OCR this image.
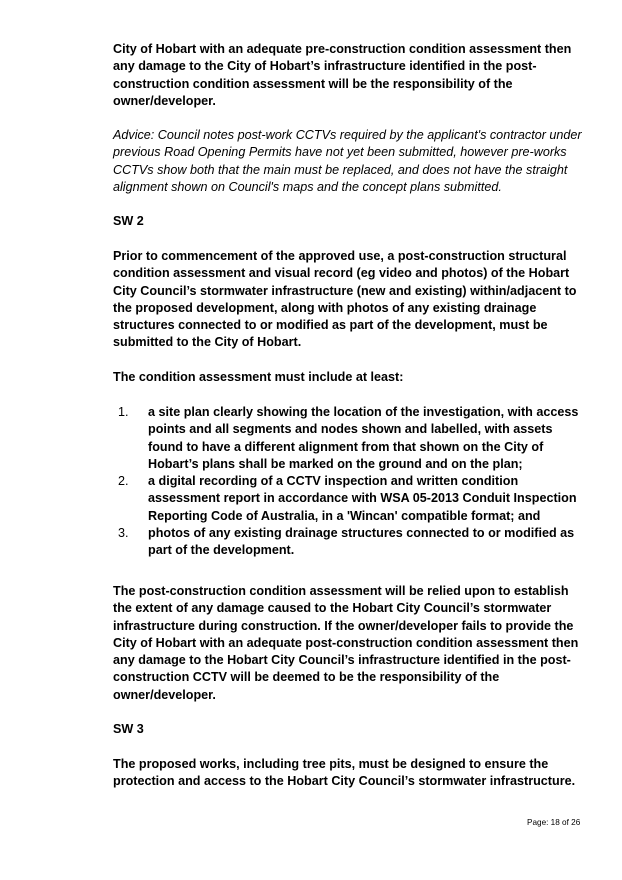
City of Hobart with an adequate pre-construction condition assessment then
any damage to the City of Hobart’s infrastructure identified in the post-
construction condition assessment will be the responsibility of the
owner/developer.
Advice: Council notes post-work CCTVs required by the applicant's contractor under
previous Road Opening Permits have not yet been submitted, however pre-works
CCTVs show both that the main must be replaced, and does not have the straight
alignment shown on Council's maps and the concept plans submitted.
SW 2
Prior to commencement of the approved use, a post-construction structural
condition assessment and visual record (eg video and photos) of the Hobart
City Council’s stormwater infrastructure (new and existing) within/adjacent to
the proposed development, along with photos of any existing drainage
structures connected to or modified as part of the development, must be
submitted to the City of Hobart.
The condition assessment must include at least:
1. a site plan clearly showing the location of the investigation, with access
points and all segments and nodes shown and labelled, with assets
found to have a different alignment from that shown on the City of
Hobart’s plans shall be marked on the ground and on the plan;
2. a digital recording of a CCTV inspection and written condition
assessment report in accordance with WSA 05-2013 Conduit Inspection
Reporting Code of Australia, in a 'Wincan' compatible format; and
3. photos of any existing drainage structures connected to or modified as
part of the development.
The post-construction condition assessment will be relied upon to establish
the extent of any damage caused to the Hobart City Council’s stormwater
infrastructure during construction. If the owner/developer fails to provide the
City of Hobart with an adequate post-construction condition assessment then
any damage to the Hobart City Council’s infrastructure identified in the post-
construction CCTV will be deemed to be the responsibility of the
owner/developer.
SW 3
The proposed works, including tree pits, must be designed to ensure the
protection and access to the Hobart City Council’s stormwater infrastructure.
Page: 18 of 26
